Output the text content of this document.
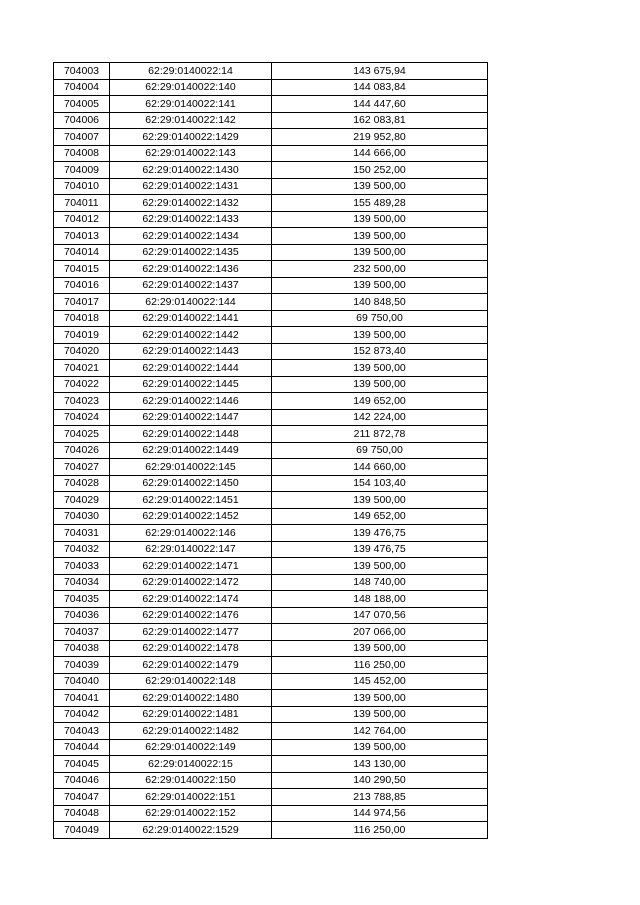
704003	62:29:0140022:14	143 675,94
704004	62:29:0140022:140	144 083,84
704005	62:29:0140022:141	144 447,60
704006	62:29:0140022:142	162 083,81
704007	62:29:0140022:1429	219 952,80
704008	62:29:0140022:143	144 666,00
704009	62:29:0140022:1430	150 252,00
704010	62:29:0140022:1431	139 500,00
704011	62:29:0140022:1432	155 489,28
704012	62:29:0140022:1433	139 500,00
704013	62:29:0140022:1434	139 500,00
704014	62:29:0140022:1435	139 500,00
704015	62:29:0140022:1436	232 500,00
704016	62:29:0140022:1437	139 500,00
704017	62:29:0140022:144	140 848,50
704018	62:29:0140022:1441	69 750,00
704019	62:29:0140022:1442	139 500,00
704020	62:29:0140022:1443	152 873,40
704021	62:29:0140022:1444	139 500,00
704022	62:29:0140022:1445	139 500,00
704023	62:29:0140022:1446	149 652,00
704024	62:29:0140022:1447	142 224,00
704025	62:29:0140022:1448	211 872,78
704026	62:29:0140022:1449	69 750,00
704027	62:29:0140022:145	144 660,00
704028	62:29:0140022:1450	154 103,40
704029	62:29:0140022:1451	139 500,00
704030	62:29:0140022:1452	149 652,00
704031	62:29:0140022:146	139 476,75
704032	62:29:0140022:147	139 476,75
704033	62:29:0140022:1471	139 500,00
704034	62:29:0140022:1472	148 740,00
704035	62:29:0140022:1474	148 188,00
704036	62:29:0140022:1476	147 070,56
704037	62:29:0140022:1477	207 066,00
704038	62:29:0140022:1478	139 500,00
704039	62:29:0140022:1479	116 250,00
704040	62:29:0140022:148	145 452,00
704041	62:29:0140022:1480	139 500,00
704042	62:29:0140022:1481	139 500,00
704043	62:29:0140022:1482	142 764,00
704044	62:29:0140022:149	139 500,00
704045	62:29:0140022:15	143 130,00
704046	62:29:0140022:150	140 290,50
704047	62:29:0140022:151	213 788,85
704048	62:29:0140022:152	144 974,56
704049	62:29:0140022:1529	116 250,00
